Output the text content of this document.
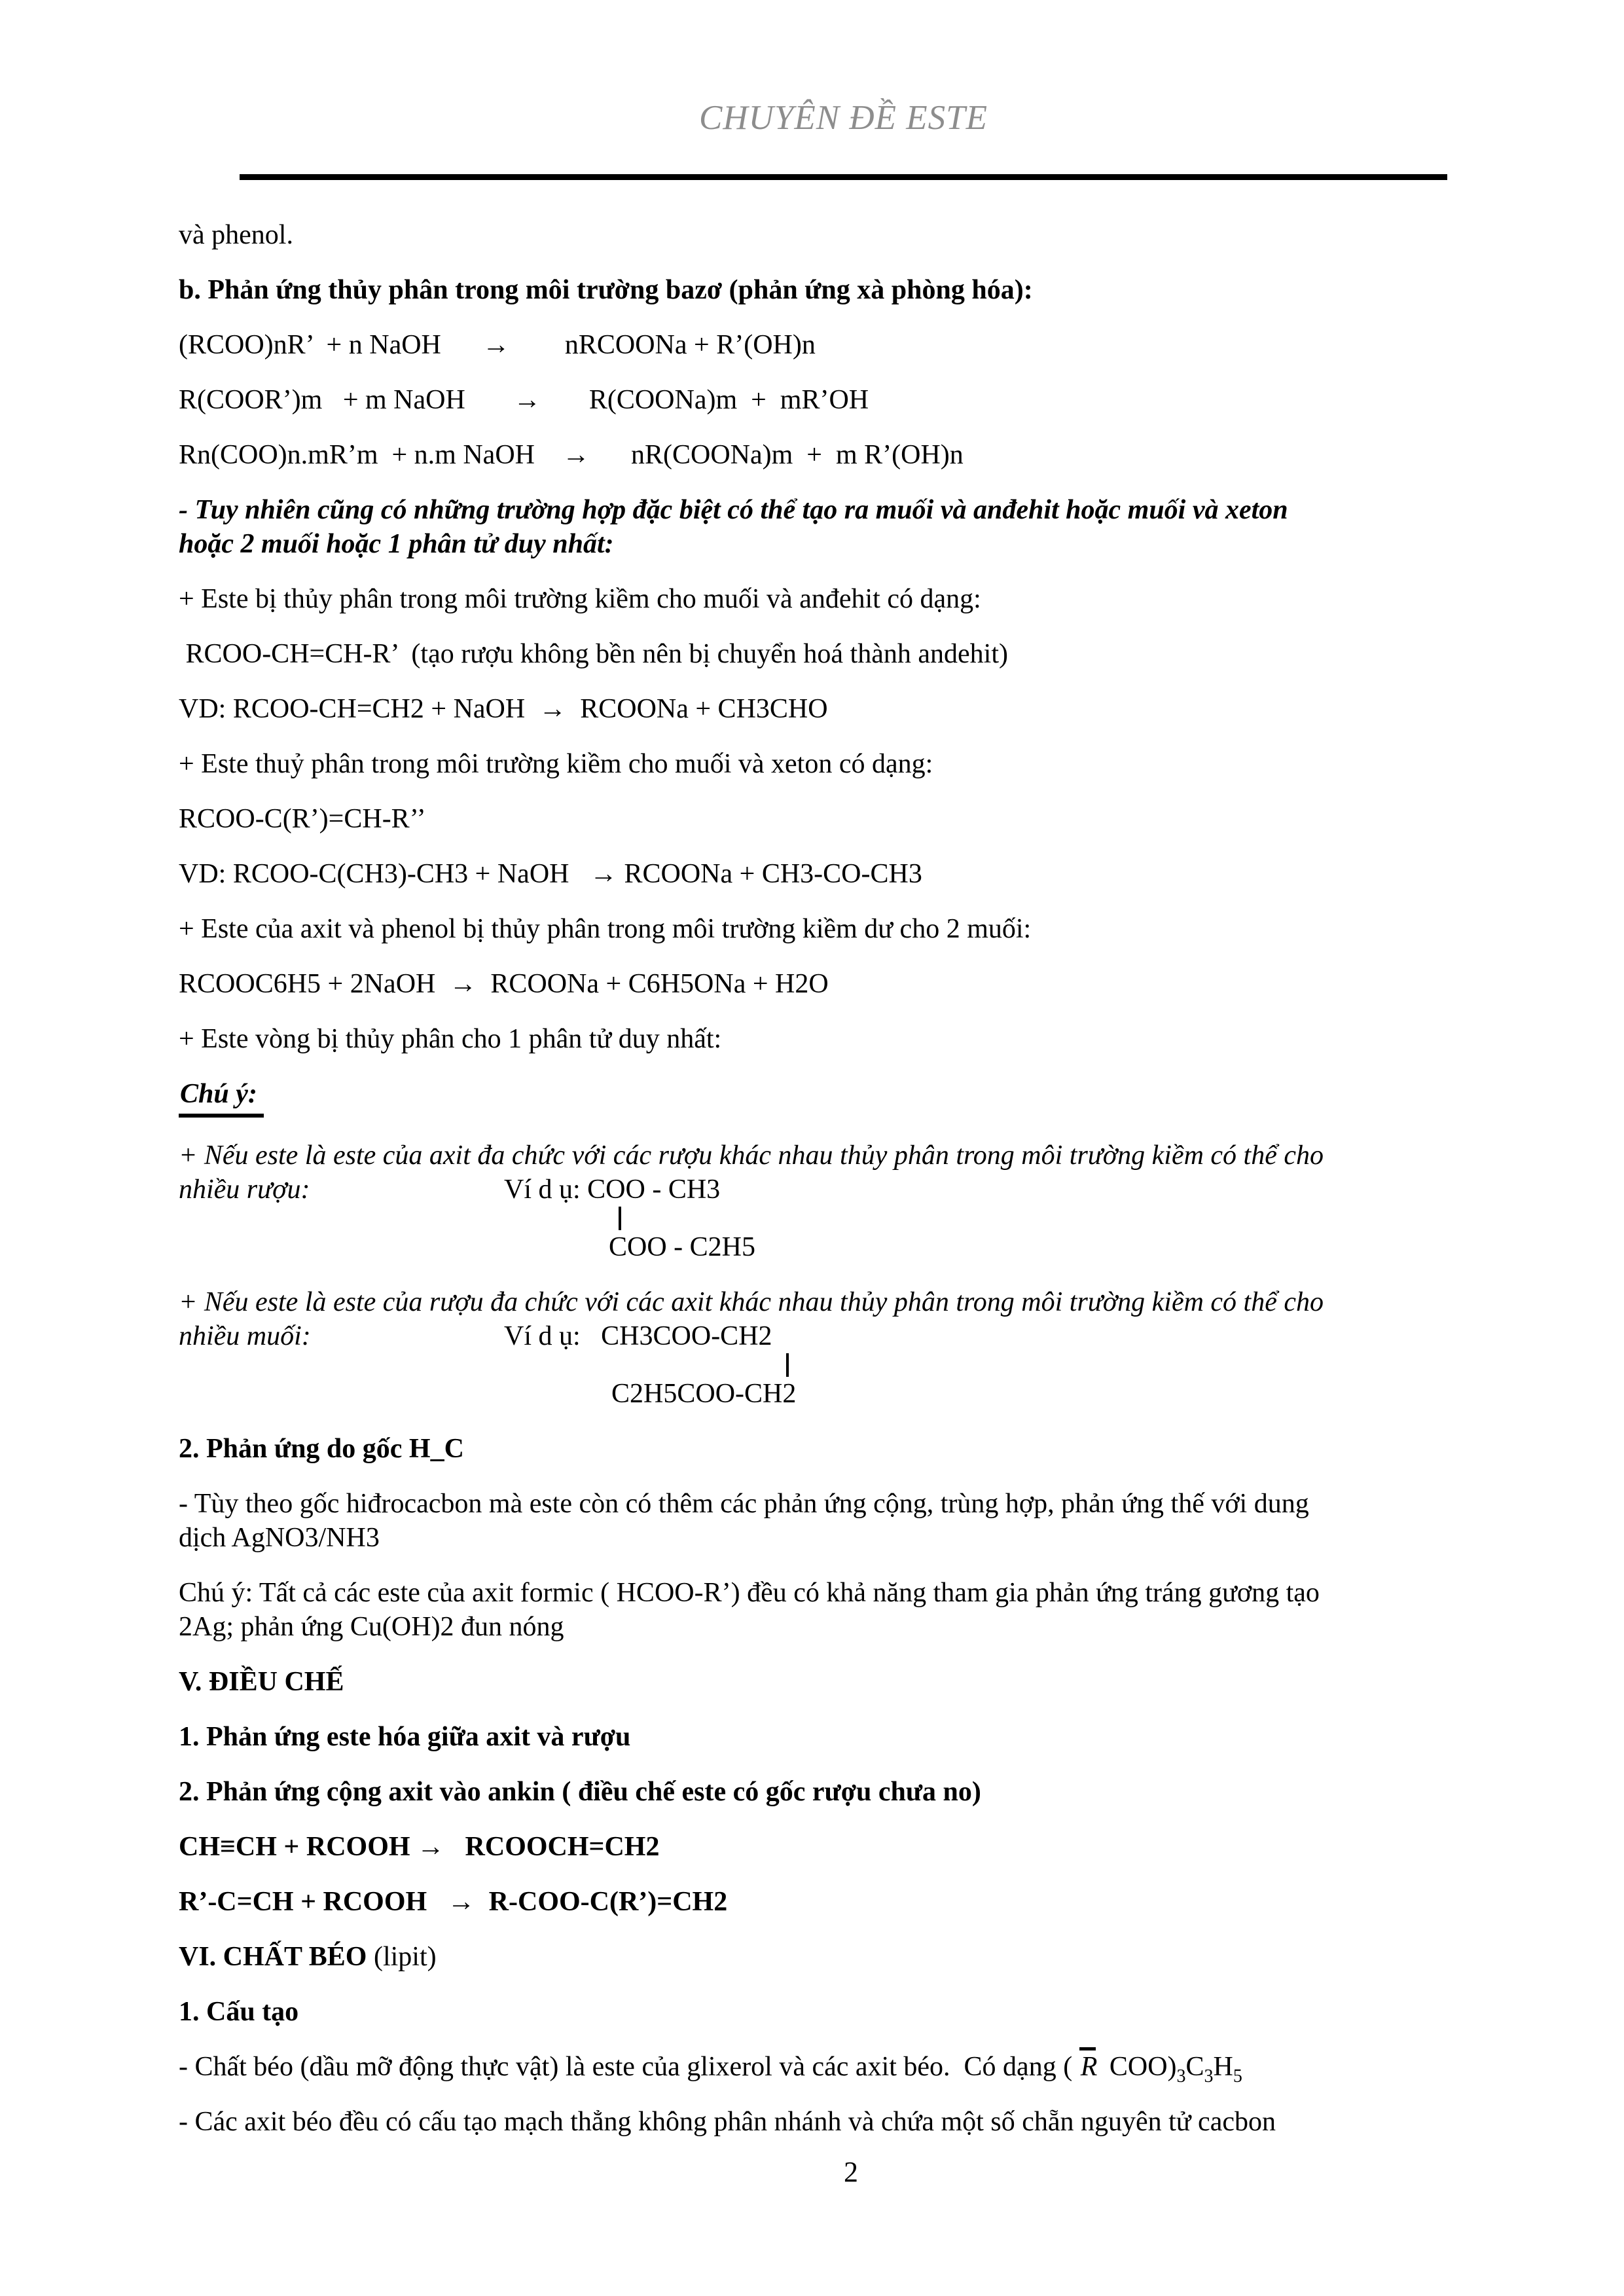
CHUYÊN ĐỀ ESTE

và phenol.

b. Phản ứng thủy phân trong môi trường bazơ (phản ứng xà phòng hóa):

(RCOO)nR’  + n NaOH      →        nRCOONa + R’(OH)n

R(COOR’)m   + m NaOH       →       R(COONa)m  +  mR’OH

Rn(COO)n.mR’m  + n.m NaOH    →      nR(COONa)m  +  m R’(OH)n

- Tuy nhiên cũng có những trường hợp đặc biệt có thể tạo ra muối và anđehit hoặc muối và xeton

hoặc 2 muối hoặc 1 phân tử duy nhất:

+ Este bị thủy phân trong môi trường kiềm cho muối và anđehit có dạng:

RCOO-CH=CH-R’  (tạo rượu không bền nên bị chuyển hoá thành andehit)

VD: RCOO-CH=CH2 + NaOH  →  RCOONa + CH3CHO

+ Este thuỷ phân trong môi trường kiềm cho muối và xeton có dạng:

RCOO-C(R’)=CH-R’’

VD: RCOO-C(CH3)-CH3 + NaOH   → RCOONa + CH3-CO-CH3

+ Este của axit và phenol bị thủy phân trong môi trường kiềm dư cho 2 muối:

RCOOC6H5 + 2NaOH  →  RCOONa + C6H5ONa + H2O

+ Este vòng bị thủy phân cho 1 phân tử duy nhất:

Chú ý:

+ Nếu este là este của axit đa chức với các rượu khác nhau thủy phân trong môi trường kiềm có thể cho

nhiều rượu:	Ví d ụ: COO - CH3

COO - C2H5

+ Nếu este là este của rượu đa chức với các axit khác nhau thủy phân trong môi trường kiềm có thể cho

nhiều muối:	Ví d ụ:   CH3COO-CH2

C2H5COO-CH2

2. Phản ứng do gốc H_C

- Tùy theo gốc hiđrocacbon mà este còn có thêm các phản ứng cộng, trùng hợp, phản ứng thế với dung

dịch AgNO3/NH3

Chú ý: Tất cả các este của axit formic ( HCOO-R’) đều có khả năng tham gia phản ứng tráng gương tạo

2Ag; phản ứng Cu(OH)2 đun nóng

V. ĐIỀU CHẾ

1. Phản ứng este hóa giữa axit và rượu

2. Phản ứng cộng axit vào ankin ( điều chế este có gốc rượu chưa no)

CH≡CH + RCOOH →   RCOOCH=CH2

R’-C=CH + RCOOH   →  R-COO-C(R’)=CH2

VI. CHẤT BÉO (lipit)

1. Cấu tạo

- Chất béo (dầu mỡ động thực vật) là este của glixerol và các axit béo.  Có dạng ( R $COO)_3C_3H_5$

- Các axit béo đều có cấu tạo mạch thẳng không phân nhánh và chứa một số chẵn nguyên tử cacbon

2
